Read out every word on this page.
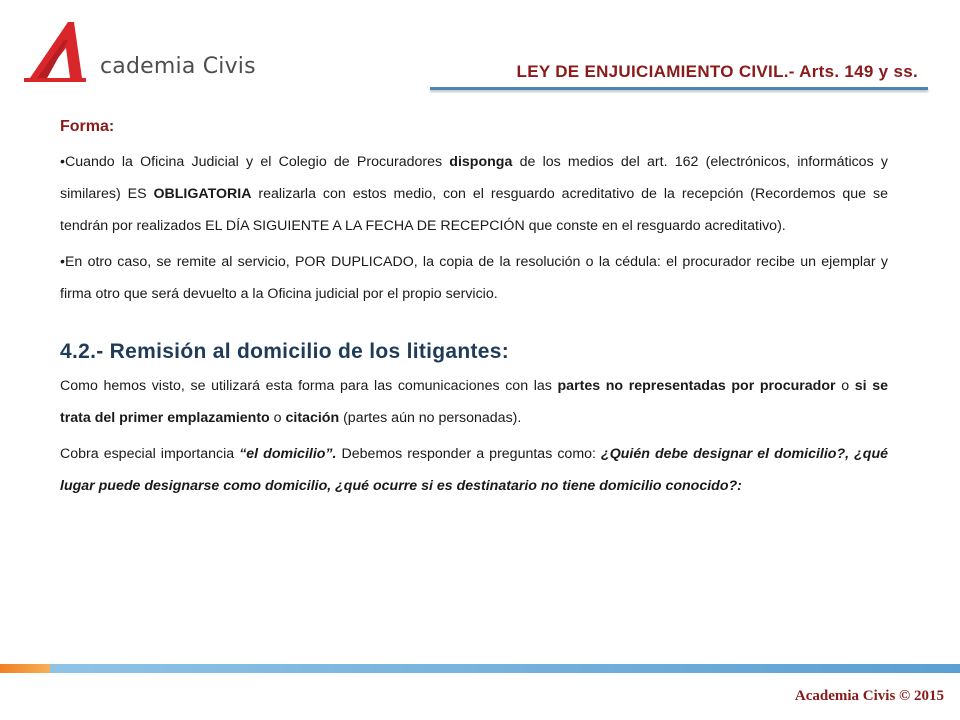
cademia Civis	LEY DE ENJUICIAMIENTO CIVIL.- Arts. 149 y ss.
Forma:

•Cuando la Oficina Judicial y el Colegio de Procuradores disponga de los medios del art. 162 (electrónicos, informáticos y similares) ES OBLIGATORIA realizarla con estos medio, con el resguardo acreditativo de la recepción (Recordemos que se tendrán por realizados EL DÍA SIGUIENTE A LA FECHA DE RECEPCIÓN que conste en el resguardo acreditativo).

•En otro caso, se remite al servicio, POR DUPLICADO, la copia de la resolución o la cédula: el procurador recibe un ejemplar y firma otro que será devuelto a la Oficina judicial por el propio servicio.

4.2.- Remisión al domicilio de los litigantes:

Como hemos visto, se utilizará esta forma para las comunicaciones con las partes no representadas por procurador o si se trata del primer emplazamiento o citación (partes aún no personadas).

Cobra especial importancia “el domicilio”. Debemos responder a preguntas como: ¿Quién debe designar el domicilio?, ¿qué lugar puede designarse como domicilio, ¿qué ocurre si es destinatario no tiene domicilio conocido?:

Academia Civis © 2015
